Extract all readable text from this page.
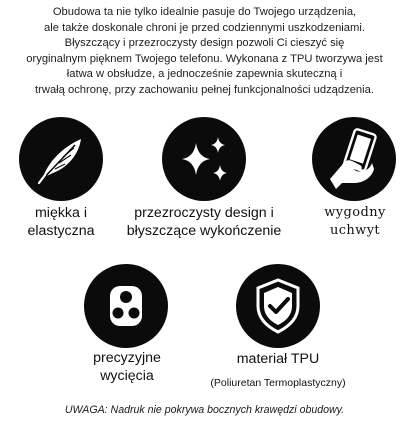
Obudowa ta nie tylko idealnie pasuje do Twojego urządzenia,
ale także doskonale chroni je przed codziennymi uszkodzeniami.
Błyszczący i przezroczysty design pozwoli Ci cieszyć się
oryginalnym pięknem Twojego telefonu. Wykonana z TPU tworzywa jest
łatwa w obsłudze, a jednocześnie zapewnia skuteczną i
trwałą ochronę, przy zachowaniu pełnej funkcjonalności udządzenia.
miękka i
elastyczna
przezroczysty design i
błyszczące wykończenie
wygodny
uchwyt
precyzyjne
wycięcia
materiał TPU
(Poliuretan Termoplastyczny)
UWAGA: Nadruk nie pokrywa bocznych krawędzi obudowy.
